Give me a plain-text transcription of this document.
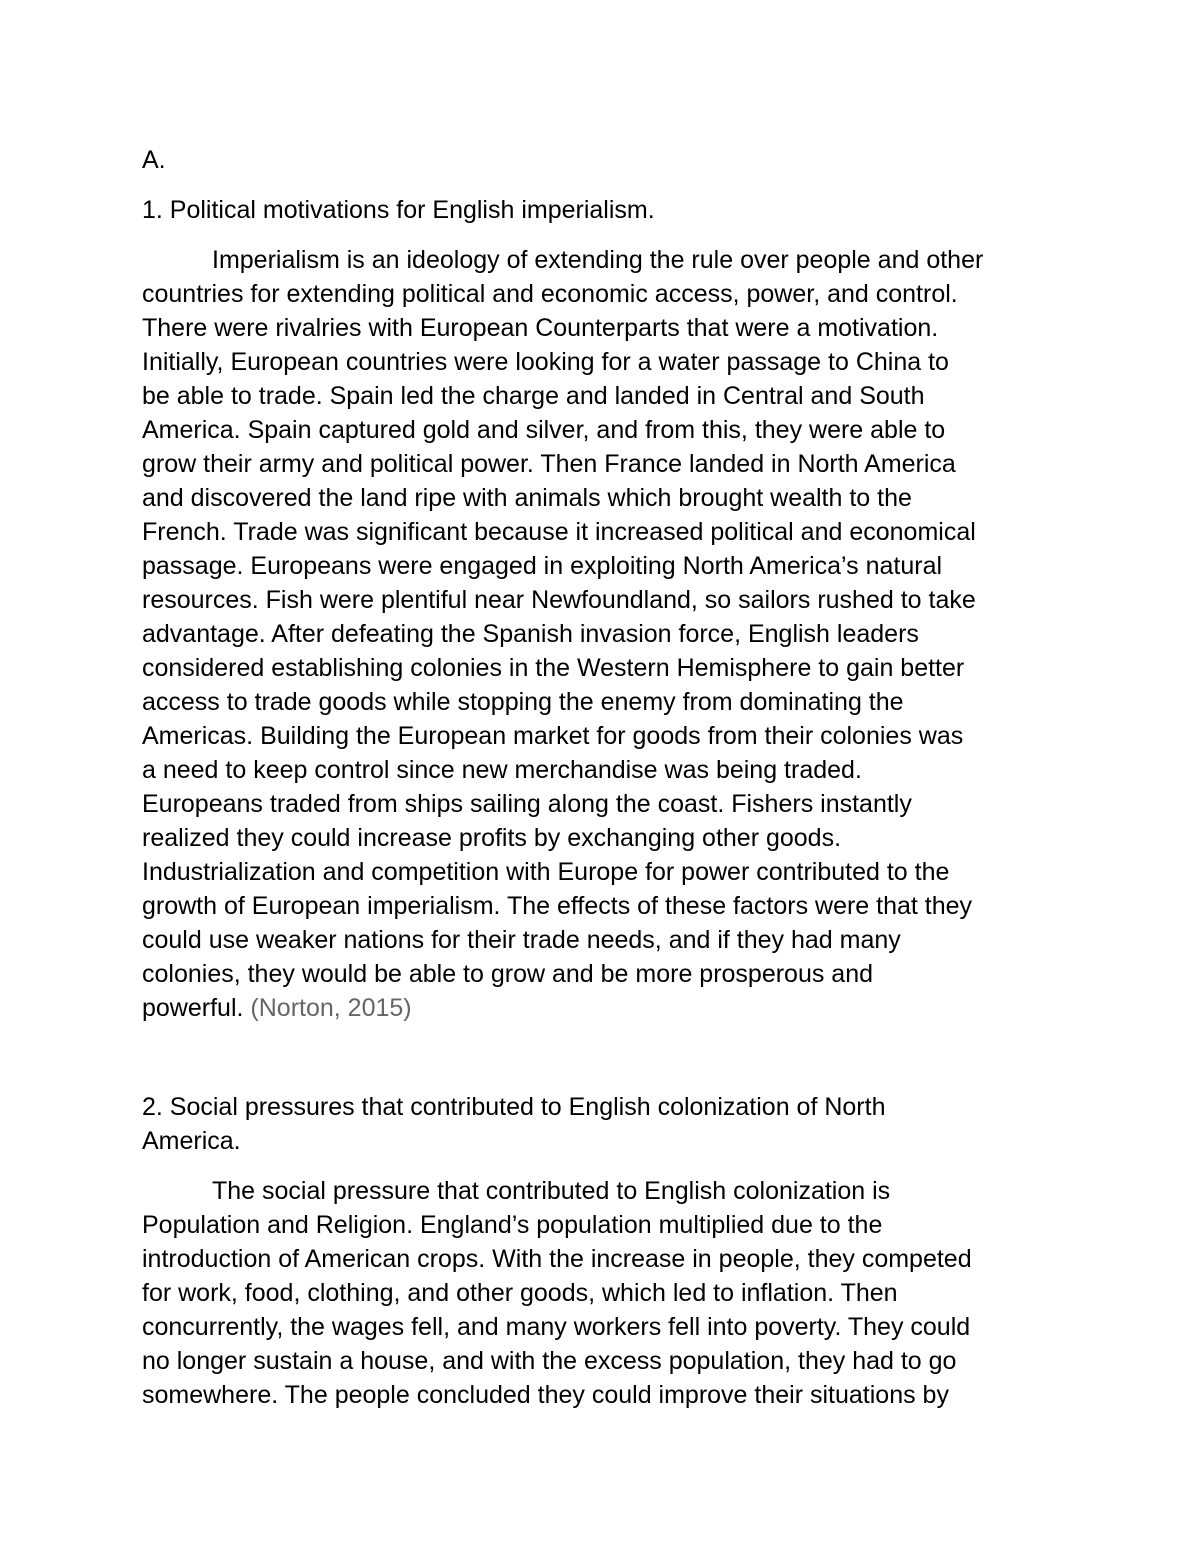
A.
1. Political motivations for English imperialism.
Imperialism is an ideology of extending the rule over people and other
countries for extending political and economic access, power, and control.
There were rivalries with European Counterparts that were a motivation.
Initially, European countries were looking for a water passage to China to
be able to trade. Spain led the charge and landed in Central and South
America. Spain captured gold and silver, and from this, they were able to
grow their army and political power. Then France landed in North America
and discovered the land ripe with animals which brought wealth to the
French. Trade was significant because it increased political and economical
passage. Europeans were engaged in exploiting North America’s natural
resources. Fish were plentiful near Newfoundland, so sailors rushed to take
advantage. After defeating the Spanish invasion force, English leaders
considered establishing colonies in the Western Hemisphere to gain better
access to trade goods while stopping the enemy from dominating the
Americas. Building the European market for goods from their colonies was
a need to keep control since new merchandise was being traded.
Europeans traded from ships sailing along the coast. Fishers instantly
realized they could increase profits by exchanging other goods.
Industrialization and competition with Europe for power contributed to the
growth of European imperialism. The effects of these factors were that they
could use weaker nations for their trade needs, and if they had many
colonies, they would be able to grow and be more prosperous and
powerful. (Norton, 2015)
2. Social pressures that contributed to English colonization of North
America.
The social pressure that contributed to English colonization is
Population and Religion. England’s population multiplied due to the
introduction of American crops. With the increase in people, they competed
for work, food, clothing, and other goods, which led to inflation. Then
concurrently, the wages fell, and many workers fell into poverty. They could
no longer sustain a house, and with the excess population, they had to go
somewhere. The people concluded they could improve their situations by
